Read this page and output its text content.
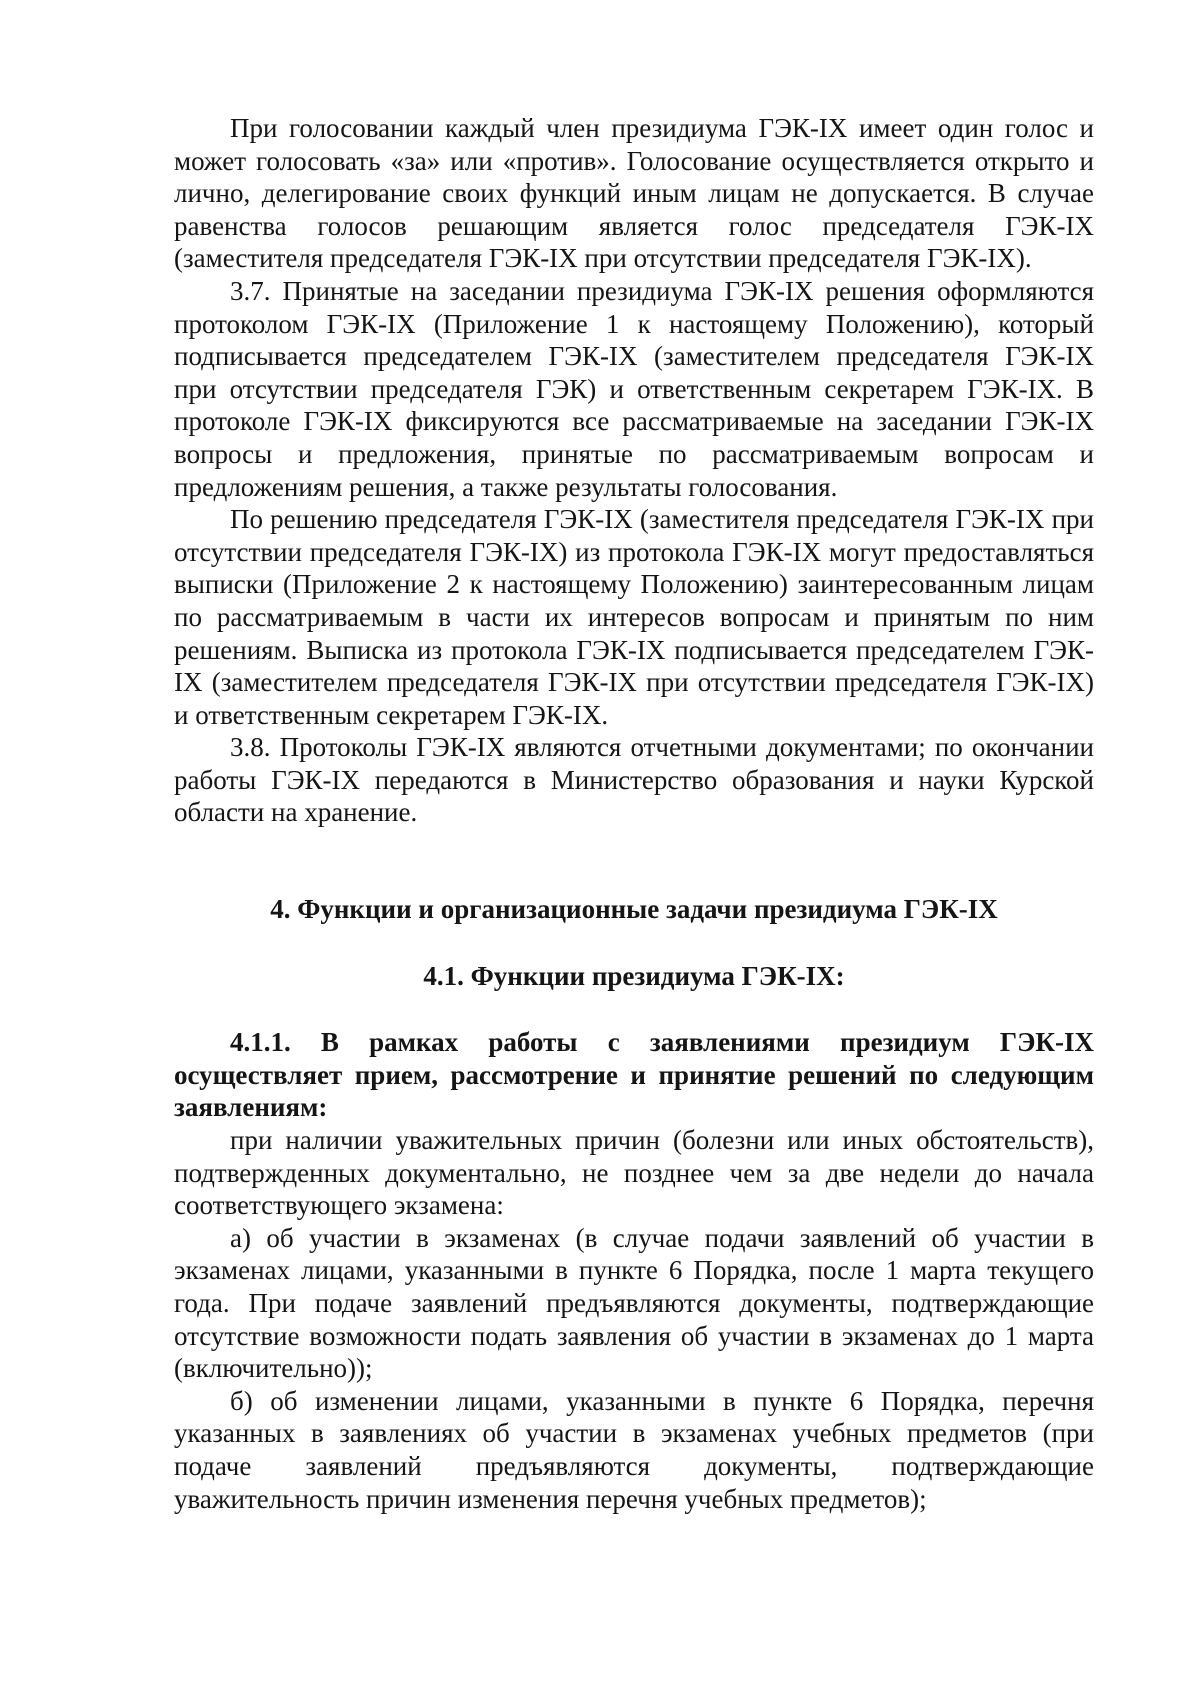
При голосовании каждый член президиума ГЭК-IX имеет один голос и может голосовать «за» или «против». Голосование осуществляется открыто и лично, делегирование своих функций иным лицам не допускается. В случае равенства голосов решающим является голос председателя ГЭК-IX (заместителя председателя ГЭК-IX при отсутствии председателя ГЭК-IX).

3.7. Принятые на заседании президиума ГЭК-IX решения оформляются протоколом ГЭК-IX (Приложение 1 к настоящему Положению), который подписывается председателем ГЭК-IX (заместителем председателя ГЭК-IX при отсутствии председателя ГЭК) и ответственным секретарем ГЭК-IX. В протоколе ГЭК-IX фиксируются все рассматриваемые на заседании ГЭК-IX вопросы и предложения, принятые по рассматриваемым вопросам и предложениям решения, а также результаты голосования.

По решению председателя ГЭК-IX (заместителя председателя ГЭК-IX при отсутствии председателя ГЭК-IX) из протокола ГЭК-IX могут предоставляться выписки (Приложение 2 к настоящему Положению) заинтересованным лицам по рассматриваемым в части их интересов вопросам и принятым по ним решениям. Выписка из протокола ГЭК-IX подписывается председателем ГЭК-IX (заместителем председателя ГЭК-IX при отсутствии председателя ГЭК-IX) и ответственным секретарем ГЭК-IX.

3.8. Протоколы ГЭК-IX являются отчетными документами; по окончании работы ГЭК-IX передаются в Министерство образования и науки Курской области на хранение.

4. Функции и организационные задачи президиума ГЭК-IX
4.1. Функции президиума ГЭК-IX:

4.1.1. В рамках работы с заявлениями президиум ГЭК-IX осуществляет прием, рассмотрение и принятие решений по следующим заявлениям:

при наличии уважительных причин (болезни или иных обстоятельств), подтвержденных документально, не позднее чем за две недели до начала соответствующего экзамена:

а) об участии в экзаменах (в случае подачи заявлений об участии в экзаменах лицами, указанными в пункте 6 Порядка, после 1 марта текущего года. При подаче заявлений предъявляются документы, подтверждающие отсутствие возможности подать заявления об участии в экзаменах до 1 марта (включительно));

б) об изменении лицами, указанными в пункте 6 Порядка, перечня указанных в заявлениях об участии в экзаменах учебных предметов (при подаче заявлений предъявляются документы, подтверждающие уважительность причин изменения перечня учебных предметов);
